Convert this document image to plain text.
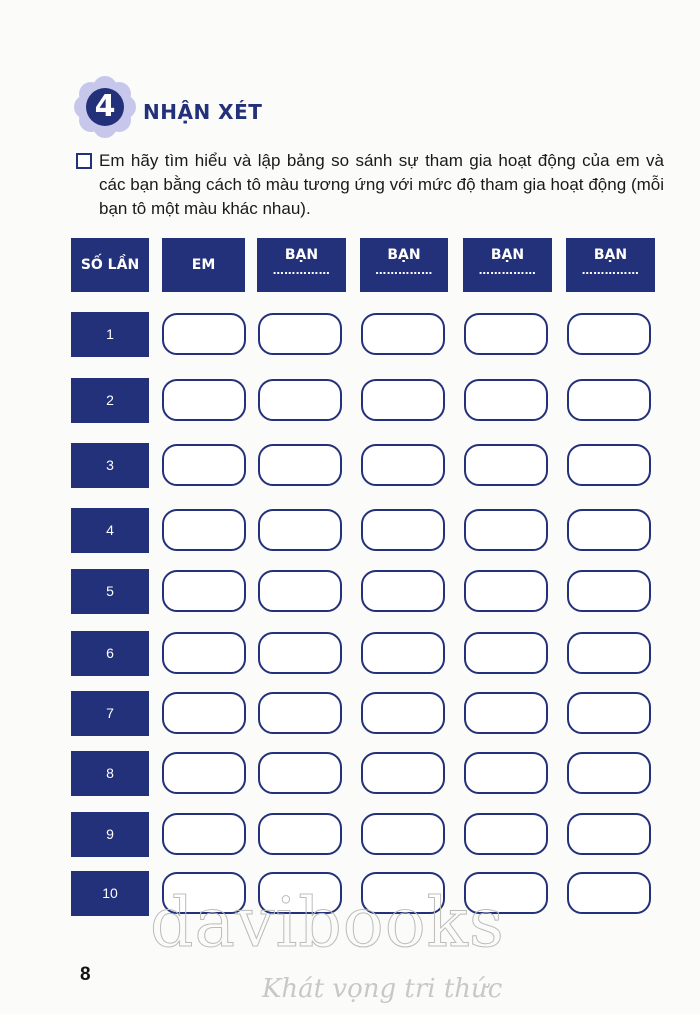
4	NHẬN XÉT
Em hãy tìm hiểu và lập bảng so sánh sự tham gia hoạt động của em và các bạn bằng cách tô màu tương ứng với mức độ tham gia hoạt động (mỗi bạn tô một màu khác nhau).
SỐ LẦN	EM
BẠN
……………
BẠN
……………
BẠN
……………
BẠN
……………
1
2
3
4
5
6
7
8
9
10
8
davibooks
Khát vọng tri thức
